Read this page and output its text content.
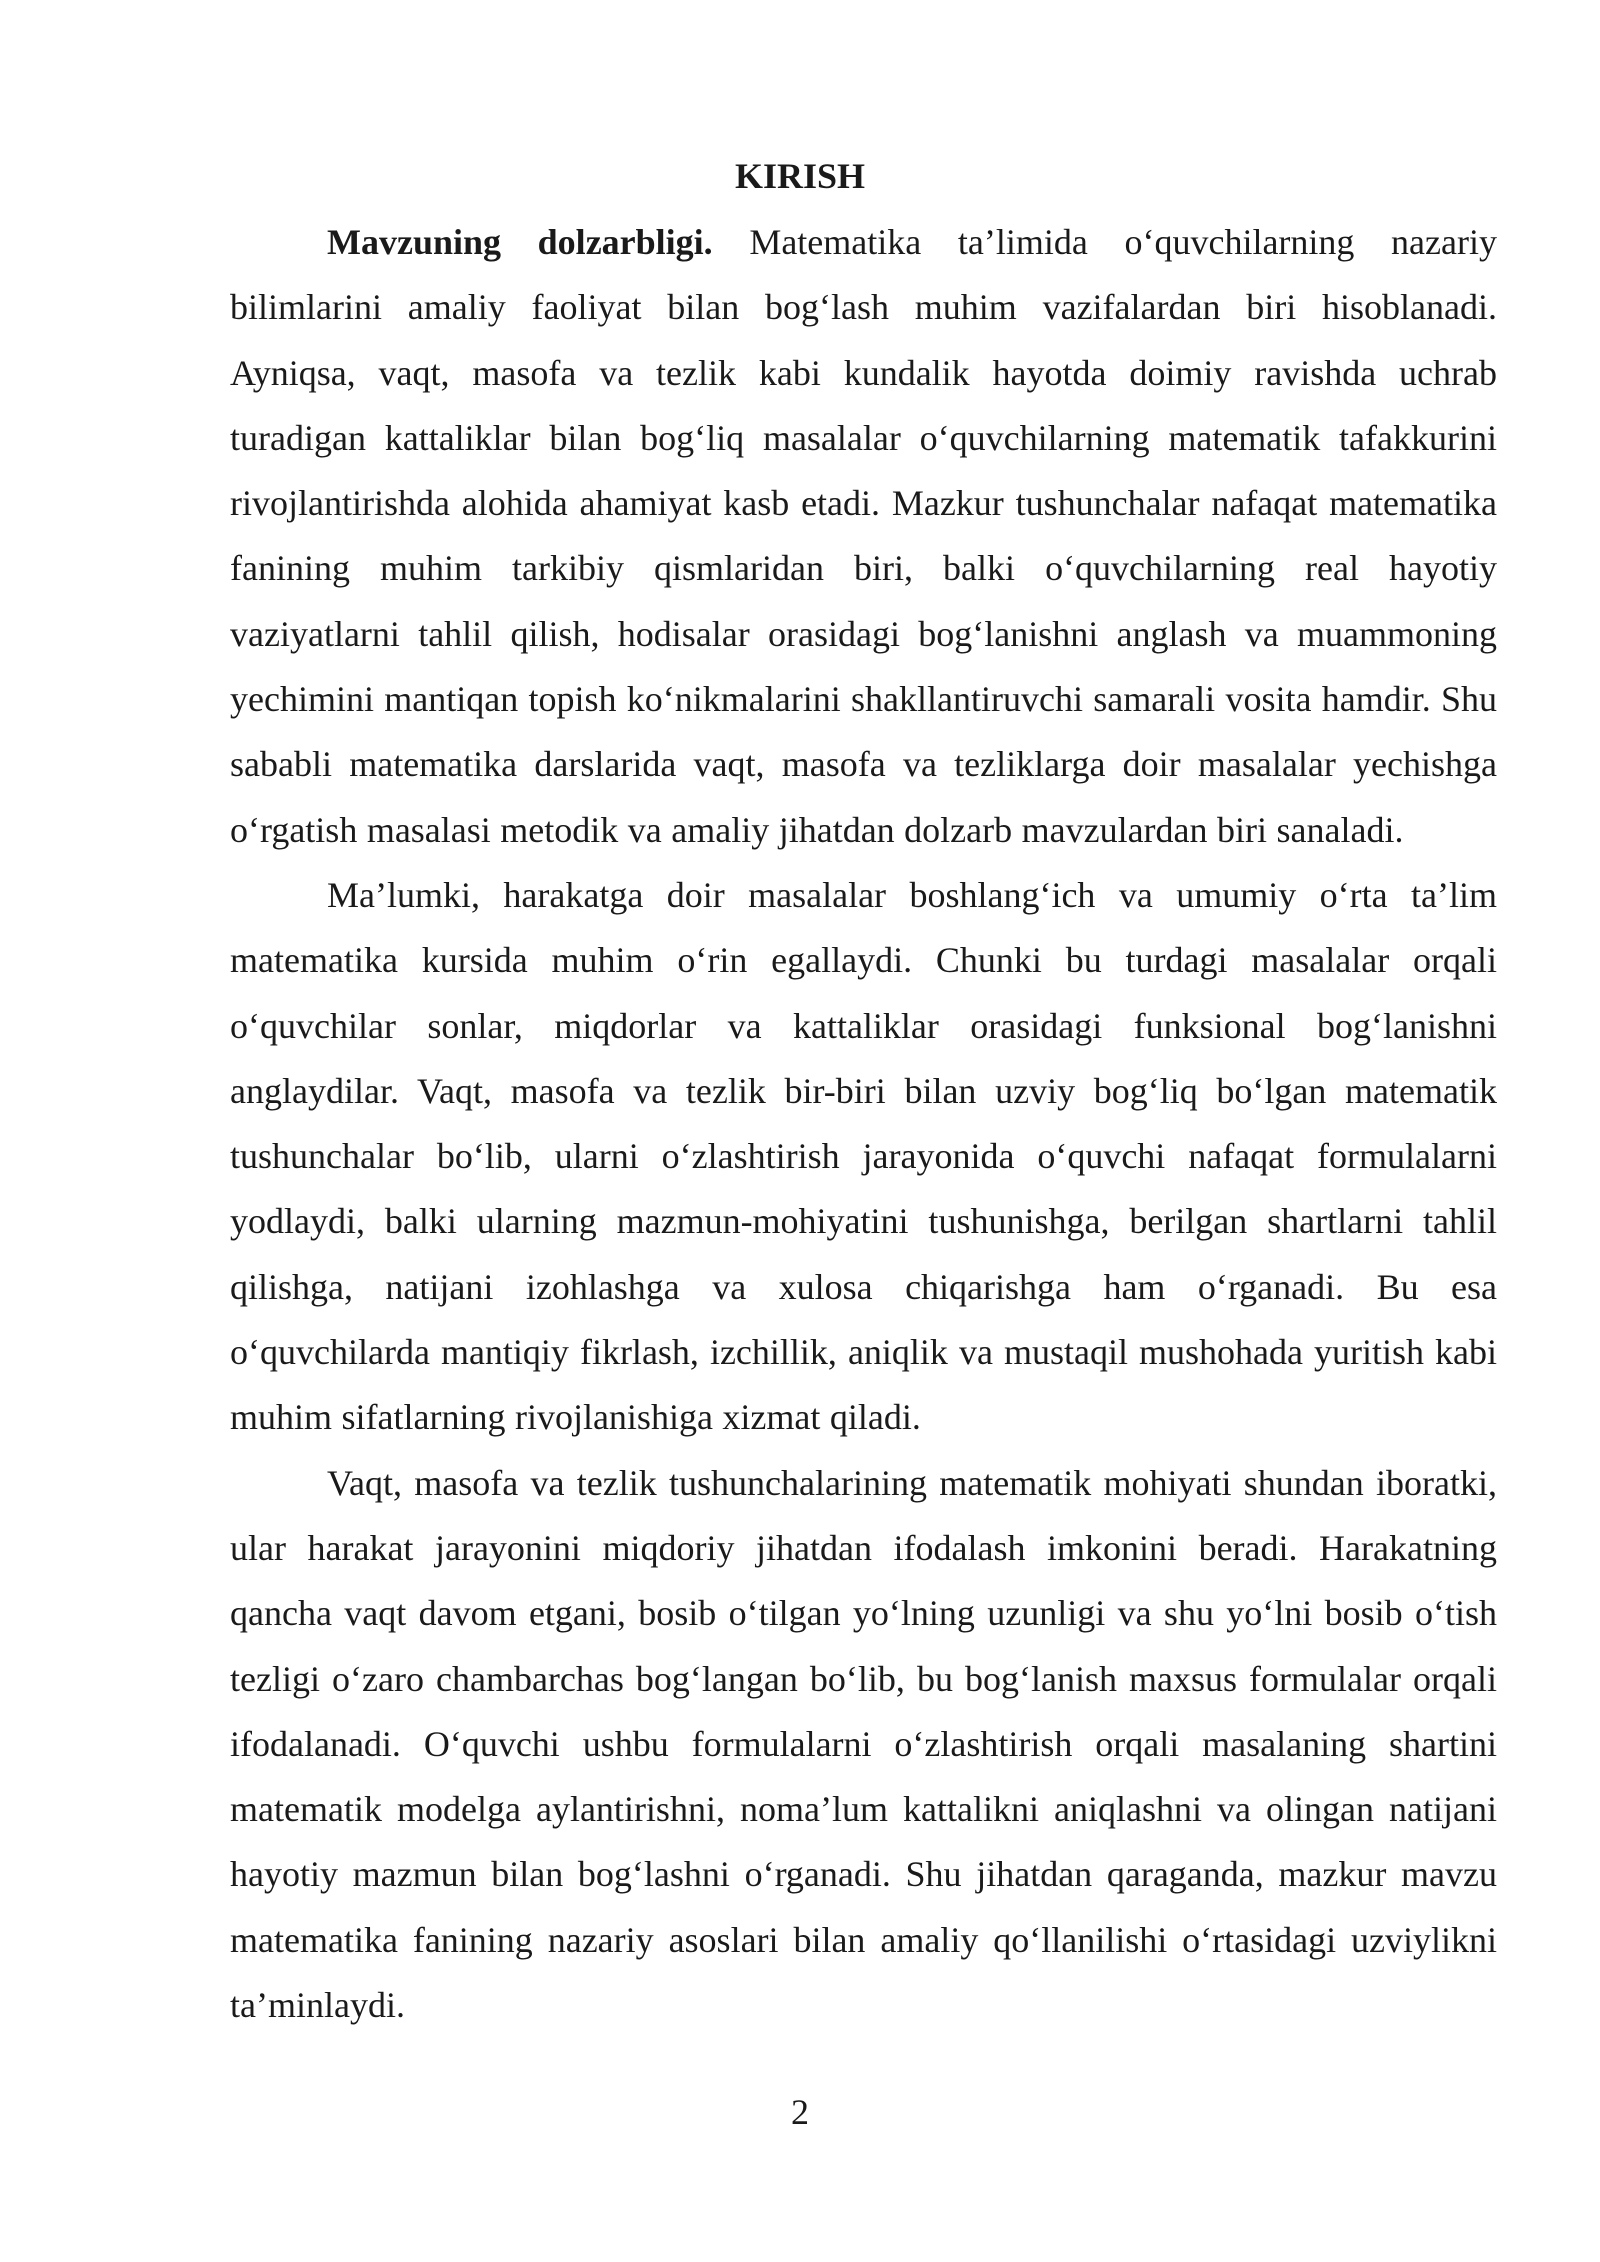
KIRISH

Mavzuning dolzarbligi. Matematika ta’limida o‘quvchilarning nazariy bilimlarini amaliy faoliyat bilan bog‘lash muhim vazifalardan biri hisoblanadi. Ayniqsa, vaqt, masofa va tezlik kabi kundalik hayotda doimiy ravishda uchrab turadigan kattaliklar bilan bog‘liq masalalar o‘quvchilarning matematik tafakkurini rivojlantirishda alohida ahamiyat kasb etadi. Mazkur tushunchalar nafaqat matematika fanining muhim tarkibiy qismlaridan biri, balki o‘quvchilarning real hayotiy vaziyatlarni tahlil qilish, hodisalar orasidagi bog‘lanishni anglash va muammoning yechimini mantiqan topish ko‘nikmalarini shakllantiruvchi samarali vosita hamdir. Shu sababli matematika darslarida vaqt, masofa va tezliklarga doir masalalar yechishga o‘rgatish masalasi metodik va amaliy jihatdan dolzarb mavzulardan biri sanaladi.

Ma’lumki, harakatga doir masalalar boshlang‘ich va umumiy o‘rta ta’lim matematika kursida muhim o‘rin egallaydi. Chunki bu turdagi masalalar orqali o‘quvchilar sonlar, miqdorlar va kattaliklar orasidagi funksional bog‘lanishni anglaydilar. Vaqt, masofa va tezlik bir-biri bilan uzviy bog‘liq bo‘lgan matematik tushunchalar bo‘lib, ularni o‘zlashtirish jarayonida o‘quvchi nafaqat formulalarni yodlaydi, balki ularning mazmun-mohiyatini tushunishga, berilgan shartlarni tahlil qilishga, natijani izohlashga va xulosa chiqarishga ham o‘rganadi. Bu esa o‘quvchilarda mantiqiy fikrlash, izchillik, aniqlik va mustaqil mushohada yuritish kabi muhim sifatlarning rivojlanishiga xizmat qiladi.

Vaqt, masofa va tezlik tushunchalarining matematik mohiyati shundan iboratki, ular harakat jarayonini miqdoriy jihatdan ifodalash imkonini beradi. Harakatning qancha vaqt davom etgani, bosib o‘tilgan yo‘lning uzunligi va shu yo‘lni bosib o‘tish tezligi o‘zaro chambarchas bog‘langan bo‘lib, bu bog‘lanish maxsus formulalar orqali ifodalanadi. O‘quvchi ushbu formulalarni o‘zlashtirish orqali masalaning shartini matematik modelga aylantirishni, noma’lum kattalikni aniqlashni va olingan natijani hayotiy mazmun bilan bog‘lashni o‘rganadi. Shu jihatdan qaraganda, mazkur mavzu matematika fanining nazariy asoslari bilan amaliy qo‘llanilishi o‘rtasidagi uzviylikni ta’minlaydi.

2
